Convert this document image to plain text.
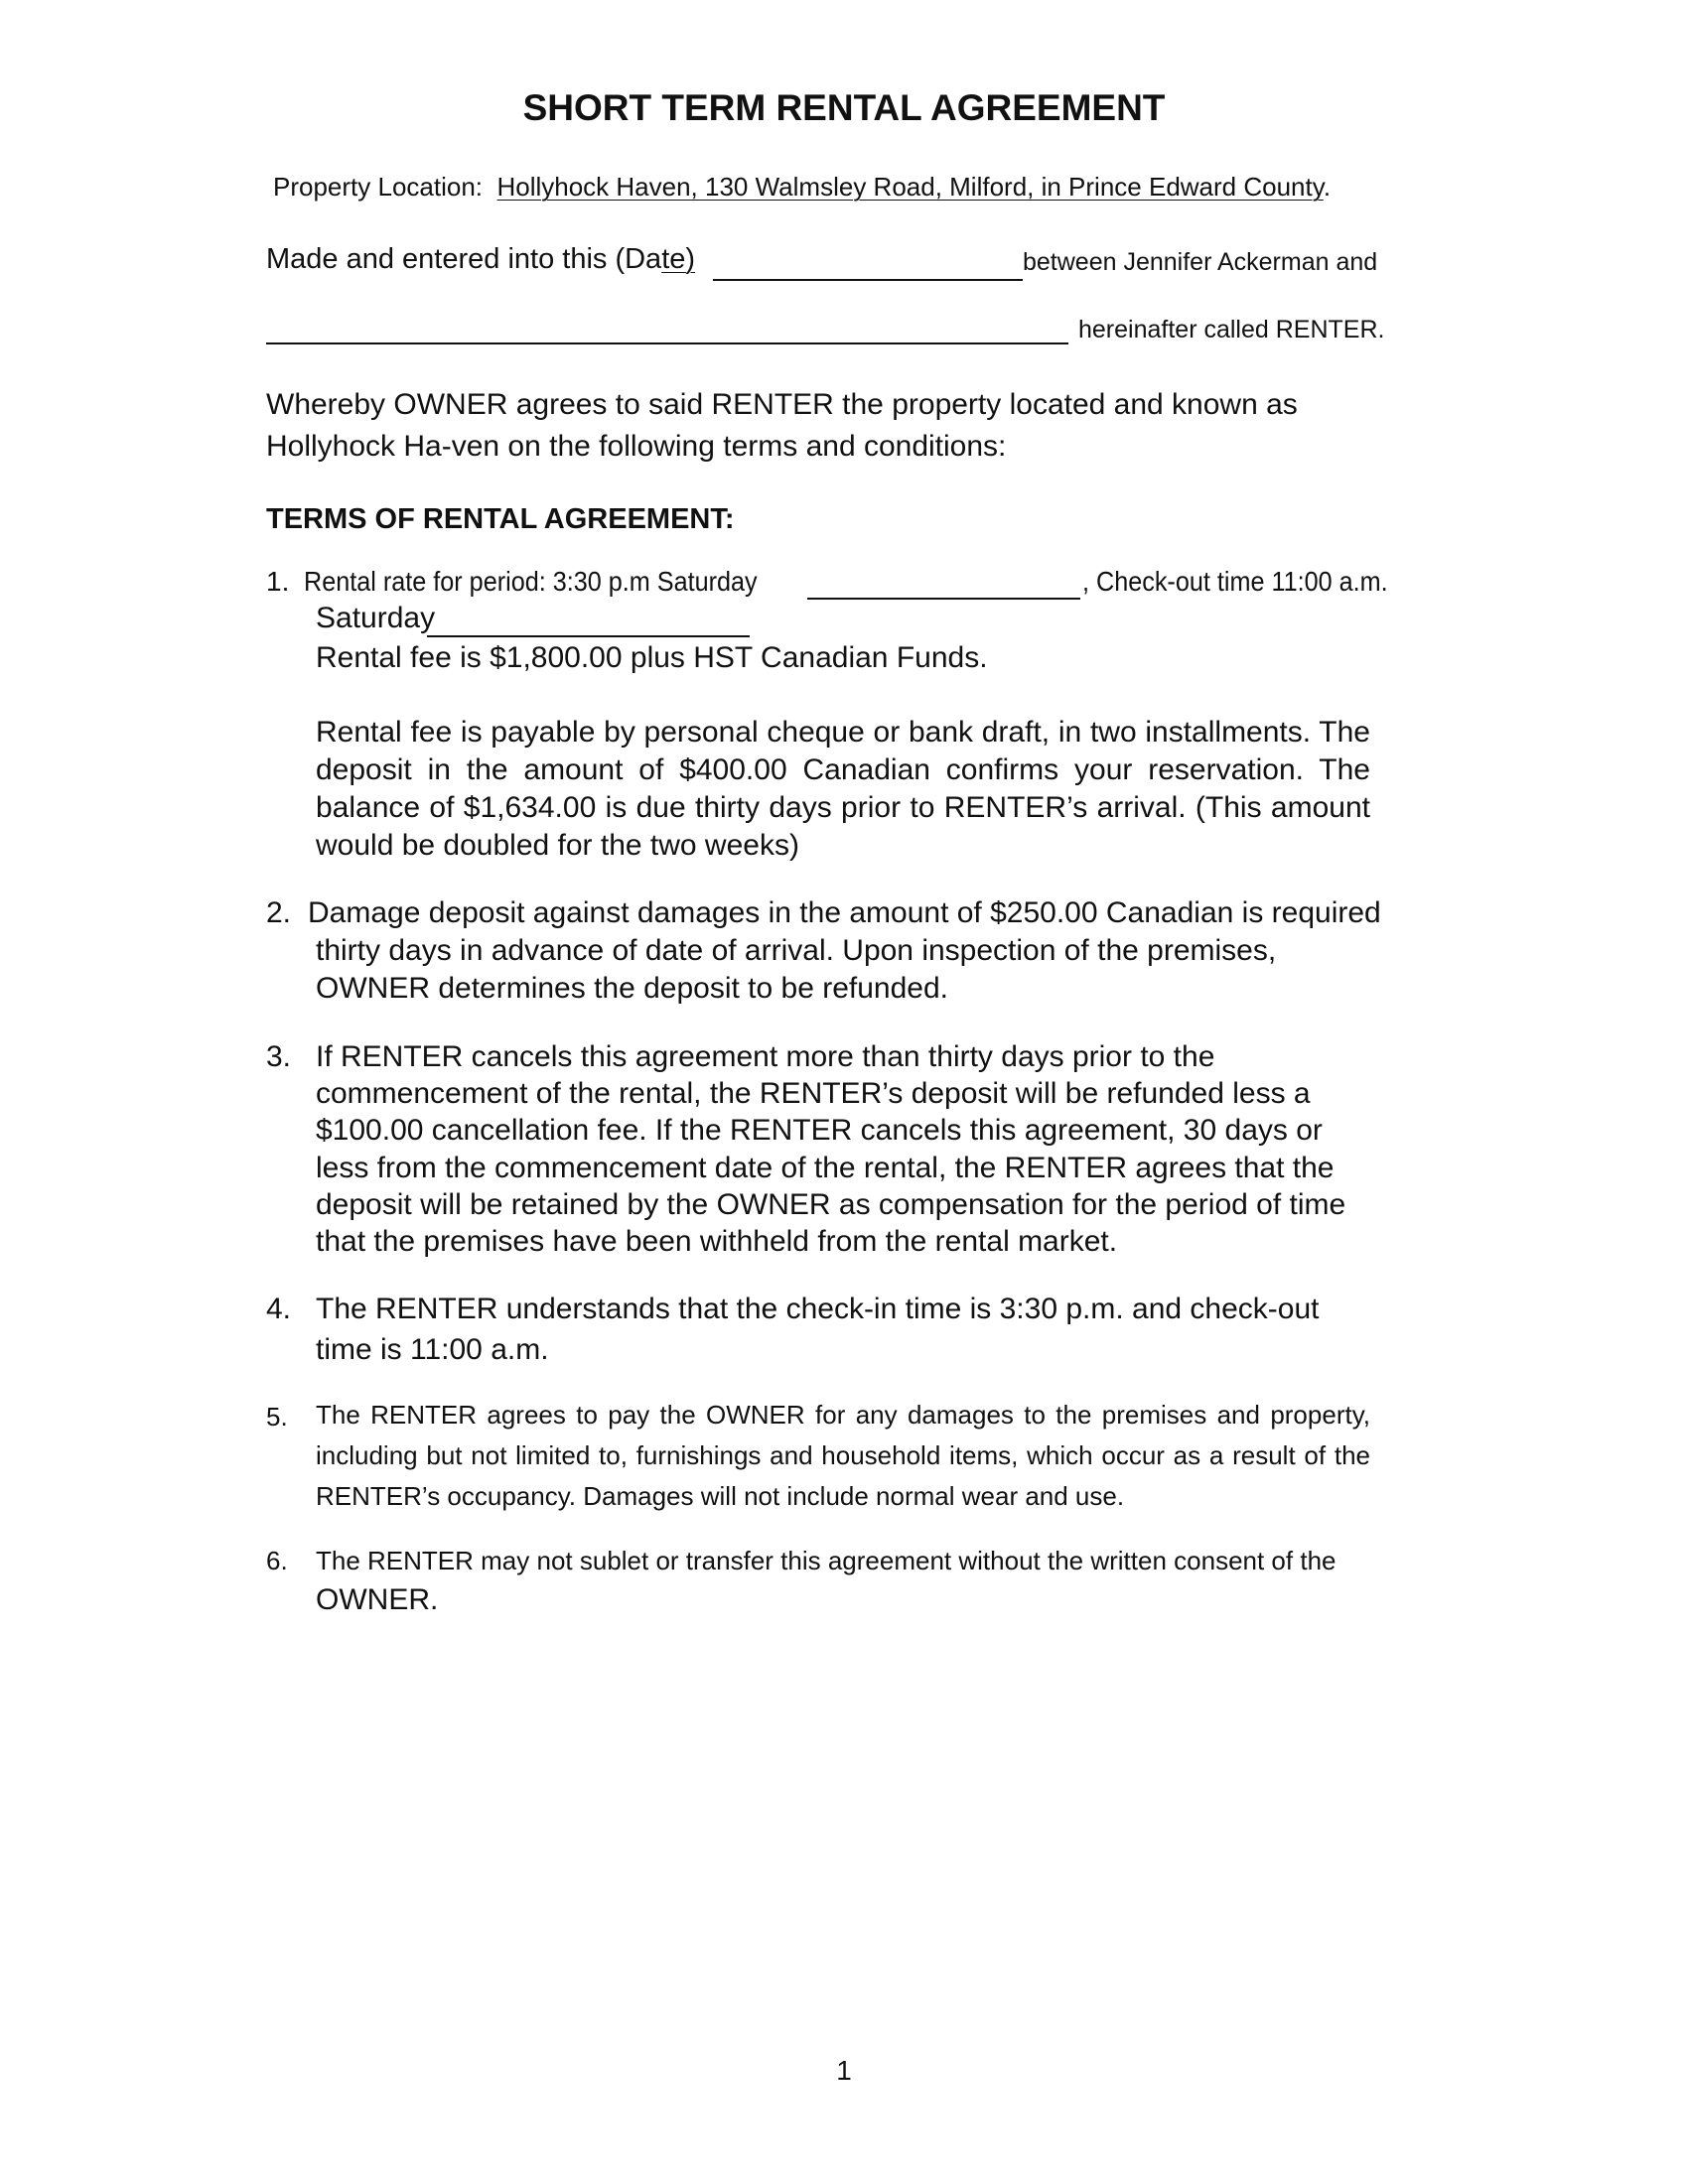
SHORT TERM RENTAL AGREEMENT
Property Location: Hollyhock Haven, 130 Walmsley Road, Milford, in Prince Edward County.
Made and entered into this (Date)	between Jennifer Ackerman and
hereinafter called RENTER.
Whereby OWNER agrees to said RENTER the property located and known as
Hollyhock Ha-ven on the following terms and conditions:
TERMS OF RENTAL AGREEMENT:
1. Rental rate for period: 3:30 p.m Saturday	, Check-out time 11:00 a.m.
Saturday
Rental fee is $1,800.00 plus HST Canadian Funds.
Rental fee is payable by personal cheque or bank draft, in two installments. The deposit in the amount of $400.00 Canadian confirms your reservation. The balance of $1,634.00 is due thirty days prior to RENTER’s arrival. (This amount would be doubled for the two weeks)
2. Damage deposit against damages in the amount of $250.00 Canadian is required
thirty days in advance of date of arrival. Upon inspection of the premises,
OWNER determines the deposit to be refunded.
3. If RENTER cancels this agreement more than thirty days prior to the
commencement of the rental, the RENTER’s deposit will be refunded less a
$100.00 cancellation fee. If the RENTER cancels this agreement, 30 days or
less from the commencement date of the rental, the RENTER agrees that the
deposit will be retained by the OWNER as compensation for the period of time
that the premises have been withheld from the rental market.
4. The RENTER understands that the check-in time is 3:30 p.m. and check-out
time is 11:00 a.m.
5. The RENTER agrees to pay the OWNER for any damages to the premises and property, including but not limited to, furnishings and household items, which occur as a result of the RENTER’s occupancy. Damages will not include normal wear and use.
6. The RENTER may not sublet or transfer this agreement without the written consent of the
OWNER.
1
